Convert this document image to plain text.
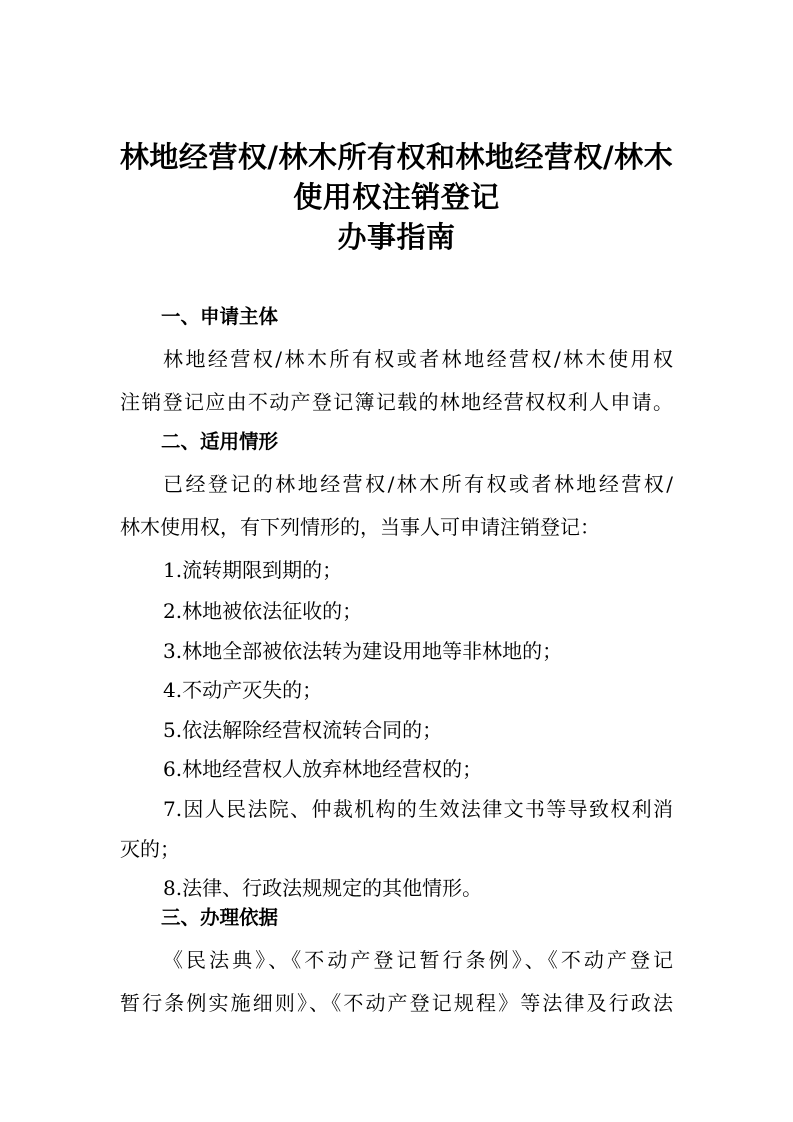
林地经营权/林木所有权和林地经营权/林木
使用权注销登记
办事指南
一、申请主体

林地经营权/林木所有权或者林地经营权/林木使用权

注销登记应由不动产登记簿记载的林地经营权权利人申请。

二、适用情形

已经登记的林地经营权/林木所有权或者林地经营权/

林木使用权，有下列情形的，当事人可申请注销登记：

1.流转期限到期的；

2.林地被依法征收的；

3.林地全部被依法转为建设用地等非林地的；

4.不动产灭失的；

5.依法解除经营权流转合同的；

6.林地经营权人放弃林地经营权的；

7.因人民法院、仲裁机构的生效法律文书等导致权利消

灭的；

8.法律、行政法规规定的其他情形。

三、办理依据

《民法典》、《不动产登记暂行条例》、《不动产登记

暂行条例实施细则》、《不动产登记规程》等法律及行政法
